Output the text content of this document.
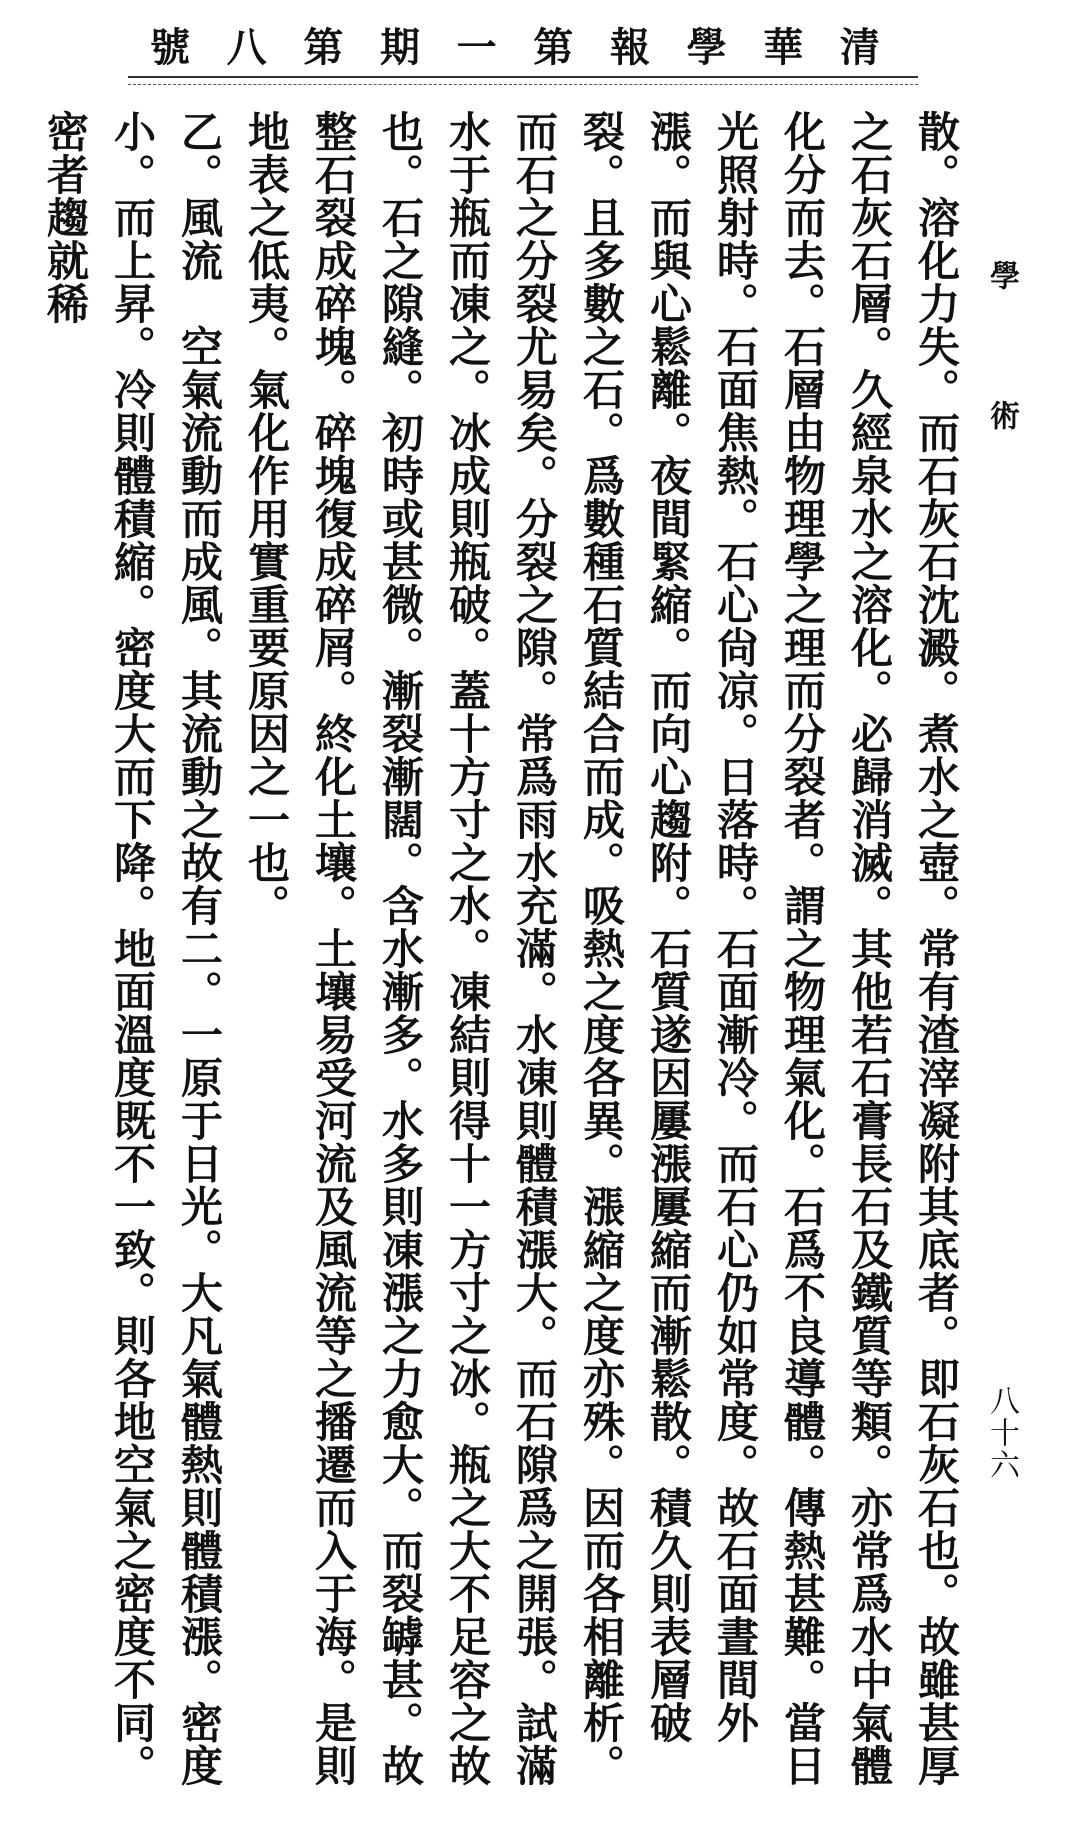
清
華
學
報
第
一
期
第
八
號
學術
八十六

散。溶化力失。而石灰石沈澱。煮水之壺。常有渣滓凝附其底者。即石灰石也。故雖甚厚之石灰石層。久經泉水之溶化。必歸消滅。其他若石膏長石及鐵質等類。亦常爲水中氣體化分而去。石層由物理學之理而分裂者。謂之物理氣化。石爲不良導體。傳熱甚難。當日光照射時。石面焦熱。石心尙凉。日落時。石面漸冷。而石心仍如常度。故石面晝間外漲。而與心鬆離。夜間緊縮。而向心趨附。石質遂因屢漲屢縮而漸鬆散。積久則表層破裂。且多數之石。爲數種石質結合而成。吸熱之度各異。漲縮之度亦殊。因而各相離析。而石之分裂尤易矣。分裂之隙。常爲雨水充滿。水凍則體積漲大。而石隙爲之開張。試滿水于瓶而凍之。冰成則瓶破。蓋十方寸之水。凍結則得十一方寸之冰。瓶之大不足容之故也。石之隙縫。初時或甚微。漸裂漸闊。含水漸多。水多則凍漲之力愈大。而裂罅甚。故整石裂成碎塊。碎塊復成碎屑。終化土壤。土壤易受河流及風流等之播遷而入于海。是則地表之低夷。氣化作用實重要原因之一也。

乙。風流　空氣流動而成風。其流動之故有二。一原于日光。大凡氣體熱則體積漲。密度小。而上昇。冷則體積縮。密度大而下降。地面溫度既不一致。則各地空氣之密度不同。密者趨就稀
